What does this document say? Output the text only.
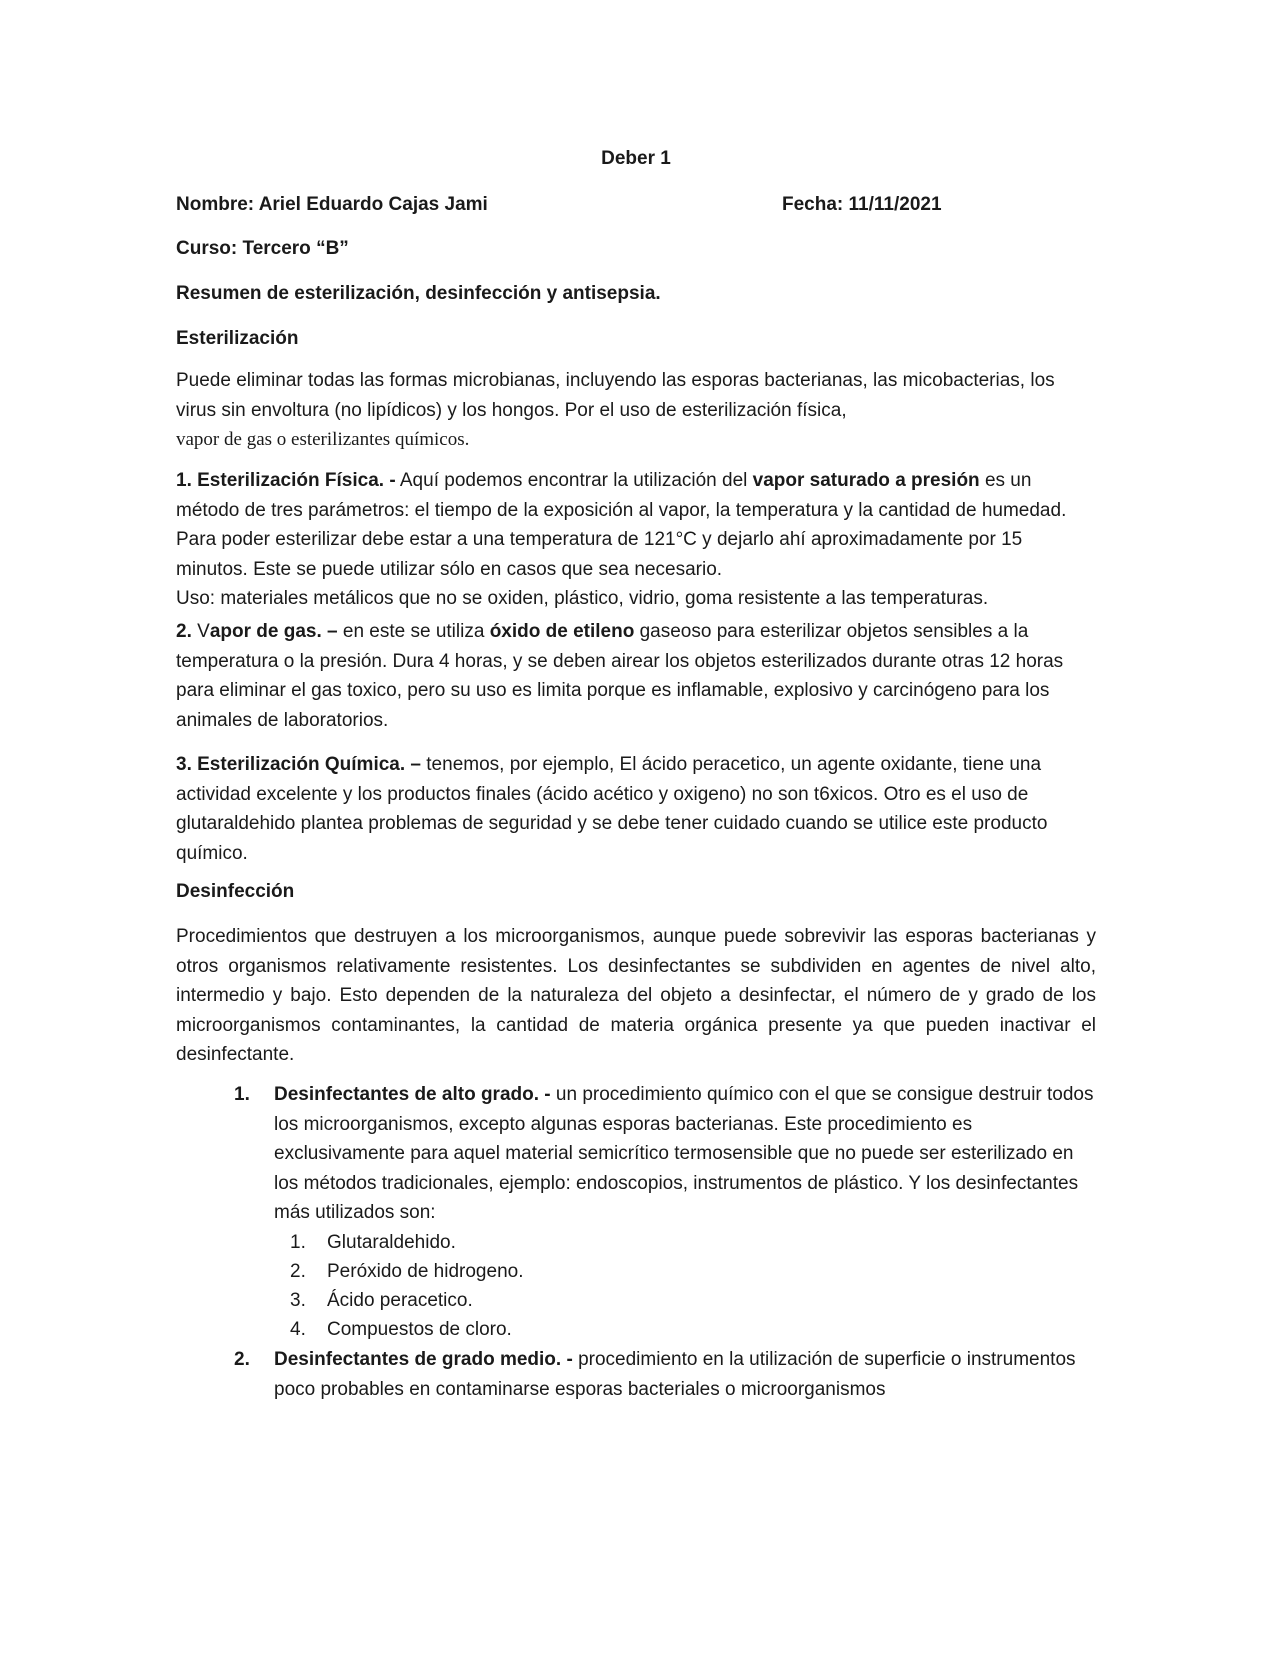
Deber 1

Nombre: Ariel Eduardo Cajas Jami	Fecha: 11/11/2021

Curso: Tercero “B”

Resumen de esterilización, desinfección y antisepsia.

Esterilización

Puede eliminar todas las formas microbianas, incluyendo las esporas bacterianas, las micobacterias, los virus sin envoltura (no lipídicos) y los hongos. Por el uso de esterilización física,
vapor de gas o esterilizantes químicos.
1. Esterilización Física. - Aquí podemos encontrar la utilización del vapor saturado a presión es un método de tres parámetros: el tiempo de la exposición al vapor, la temperatura y la cantidad de humedad. Para poder esterilizar debe estar a una temperatura de 121°C y dejarlo ahí aproximadamente por 15 minutos. Este se puede utilizar sólo en casos que sea necesario.
Uso: materiales metálicos que no se oxiden, plástico, vidrio, goma resistente a las temperaturas.
2. Vapor de gas. – en este se utiliza óxido de etileno gaseoso para esterilizar objetos sensibles a la temperatura o la presión. Dura 4 horas, y se deben airear los objetos esterilizados durante otras 12 horas para eliminar el gas toxico, pero su uso es limita porque es inflamable, explosivo y carcinógeno para los animales de laboratorios.
3. Esterilización Química. – tenemos, por ejemplo, El ácido peracetico, un agente oxidante, tiene una actividad excelente y los productos finales (ácido acético y oxigeno) no son t6xicos. Otro es el uso de glutaraldehido plantea problemas de seguridad y se debe tener cuidado cuando se utilice este producto químico.

Desinfección

Procedimientos que destruyen a los microorganismos, aunque puede sobrevivir las esporas bacterianas y otros organismos relativamente resistentes. Los desinfectantes se subdividen en agentes de nivel alto, intermedio y bajo. Esto dependen de la naturaleza del objeto a desinfectar, el número de y grado de los microorganismos contaminantes, la cantidad de materia orgánica presente ya que pueden inactivar el desinfectante.
1. Desinfectantes de alto grado. - un procedimiento químico con el que se consigue destruir todos los microorganismos, excepto algunas esporas bacterianas. Este procedimiento es exclusivamente para aquel material semicrítico termosensible que no puede ser esterilizado en los métodos tradicionales, ejemplo: endoscopios, instrumentos de plástico. Y los desinfectantes más utilizados son:
1. Glutaraldehido.
2. Peróxido de hidrogeno.
3. Ácido peracetico.
4. Compuestos de cloro.
2. Desinfectantes de grado medio. - procedimiento en la utilización de superficie o instrumentos poco probables en contaminarse esporas bacteriales o microorganismos
